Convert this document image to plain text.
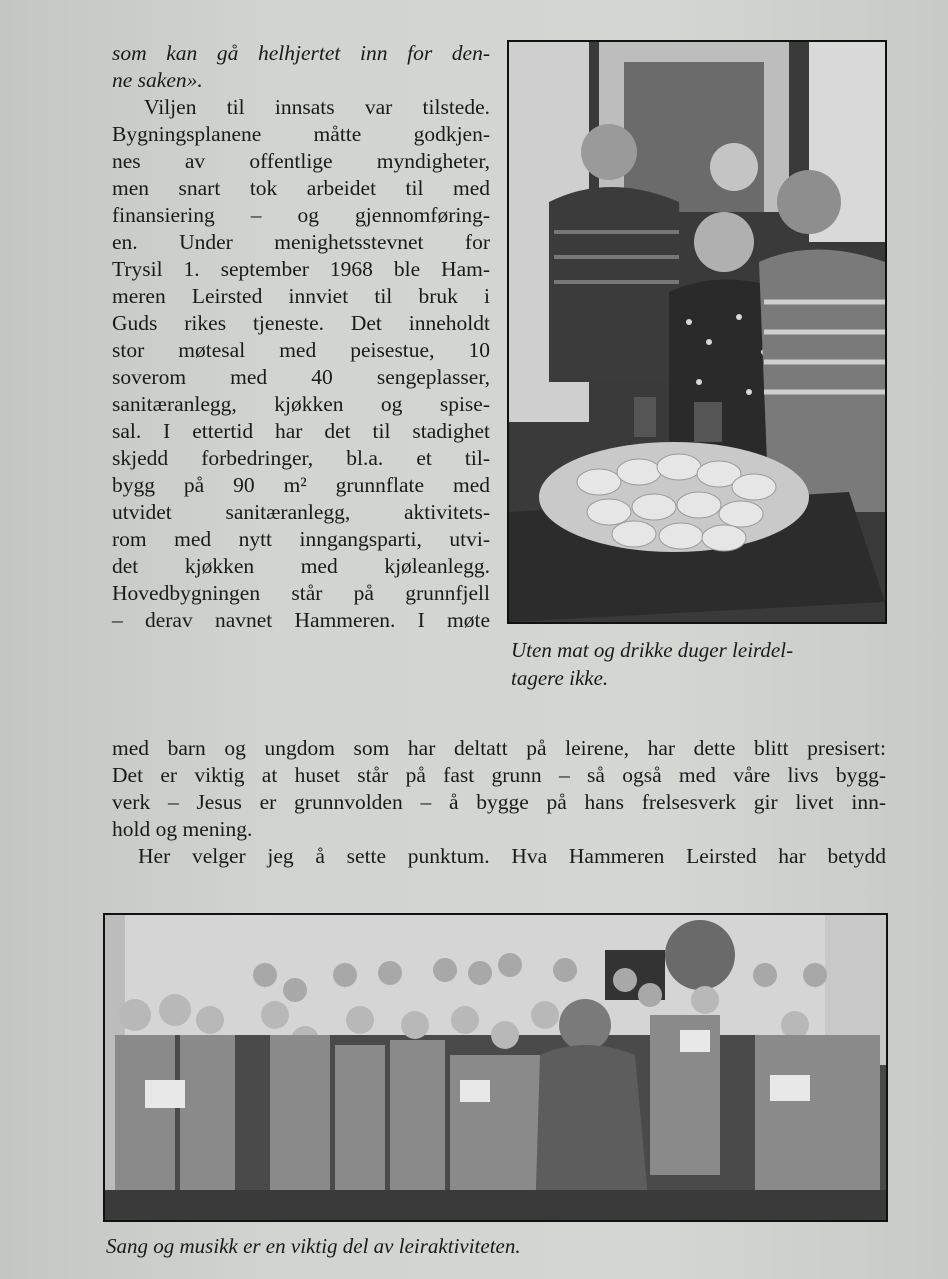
som kan gå helhjertet inn for den-
ne saken».
Viljen til innsats var tilstede.
Bygningsplanene måtte godkjen-
nes av offentlige myndigheter,
men snart tok arbeidet til med
finansiering – og gjennomføring-
en. Under menighetsstevnet for
Trysil 1. september 1968 ble Ham-
meren Leirsted innviet til bruk i
Guds rikes tjeneste. Det inneholdt
stor møtesal med peisestue, 10
soverom med 40 sengeplasser,
sanitæranlegg, kjøkken og spise-
sal. I ettertid har det til stadighet
skjedd forbedringer, bl.a. et til-
bygg på 90 m² grunnflate med
utvidet sanitæranlegg, aktivitets-
rom med nytt inngangsparti, utvi-
det kjøkken med kjøleanlegg.
Hovedbygningen står på grunnfjell
– derav navnet Hammeren. I møte
med barn og ungdom som har deltatt på leirene, har dette blitt presisert:
Det er viktig at huset står på fast grunn – så også med våre livs bygg-
verk – Jesus er grunnvolden – å bygge på hans frelsesverk gir livet inn-
hold og mening.
Her velger jeg å sette punktum. Hva Hammeren Leirsted har betydd
Uten mat og drikke duger leirdel-
tagere ikke.
Sang og musikk er en viktig del av leiraktiviteten.
